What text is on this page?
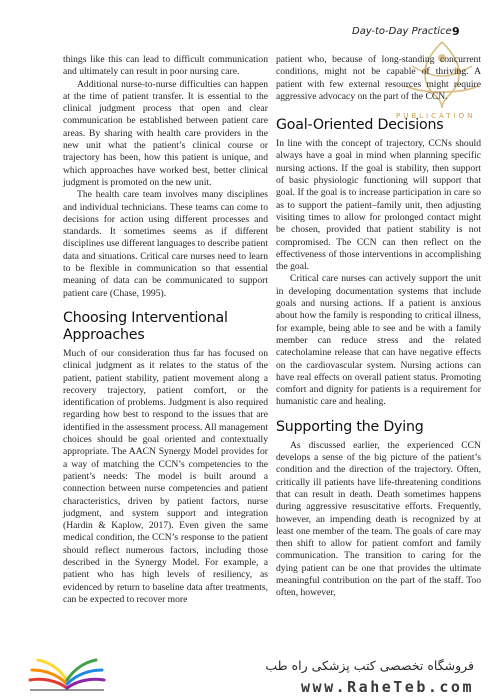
Day-to-Day Practice 9
PUBLICATION

things like this can lead to difficult communication and ultimately can result in poor nursing care.

Additional nurse-to-nurse difficulties can happen at the time of patient transfer. It is essential to the clinical judgment process that open and clear communication be established between patient care areas. By sharing with health care providers in the new unit what the patient’s clinical course or trajectory has been, how this patient is unique, and which approaches have worked best, better clinical judgment is promoted on the new unit.

The health care team involves many disciplines and individual technicians. These teams can come to decisions for action using different processes and standards. It sometimes seems as if different disciplines use different languages to describe patient data and situations. Critical care nurses need to learn to be flexible in communication so that essential meaning of data can be communicated to support patient care (Chase, 1995).

Choosing Interventional Approaches

Much of our consideration thus far has focused on clinical judgment as it relates to the status of the patient, patient stability, patient movement along a recovery trajectory, patient comfort, or the identification of problems. Judgment is also required regarding how best to respond to the issues that are identified in the assessment process. All management choices should be goal oriented and contextually appropriate. The AACN Synergy Model provides for a way of matching the CCN’s competencies to the patient’s needs: The model is built around a connection between nurse competencies and patient characteristics, driven by patient factors, nurse judgment, and system support and integration (Hardin & Kaplow, 2017). Even given the same medical condition, the CCN’s response to the patient should reflect numerous factors, including those described in the Synergy Model. For example, a patient who has high levels of resiliency, as evidenced by return to baseline data after treatments, can be expected to recover more

patient who, because of long-standing concurrent conditions, might not be capable of thriving. A patient with few external resources might require aggressive advocacy on the part of the CCN.

Goal-Oriented Decisions

In line with the concept of trajectory, CCNs should always have a goal in mind when planning specific nursing actions. If the goal is stability, then support of basic physiologic functioning will support that goal. If the goal is to increase participation in care so as to support the patient–family unit, then adjusting visiting times to allow for prolonged contact might be chosen, provided that patient stability is not compromised. The CCN can then reflect on the effectiveness of those interventions in accomplishing the goal.

Critical care nurses can actively support the unit in developing documentation systems that include goals and nursing actions. If a patient is anxious about how the family is responding to critical illness, for example, being able to see and be with a family member can reduce stress and the related catecholamine release that can have negative effects on the cardiovascular system. Nursing actions can have real effects on overall patient status. Promoting comfort and dignity for patients is a requirement for humanistic care and healing.

Supporting the Dying

As discussed earlier, the experienced CCN develops a sense of the big picture of the patient’s condition and the direction of the trajectory. Often, critically ill patients have life-threatening conditions that can result in death. Death sometimes happens during aggressive resuscitative efforts. Frequently, however, an impending death is recognized by at least one member of the team. The goals of care may then shift to allow for patient comfort and family communication. The transition to caring for the dying patient can be one that provides the ultimate meaningful contribution on the part of the staff. Too often, however,

فروشگاه تخصصی کتب پزشکی راه طب
www.RaheTeb.com
